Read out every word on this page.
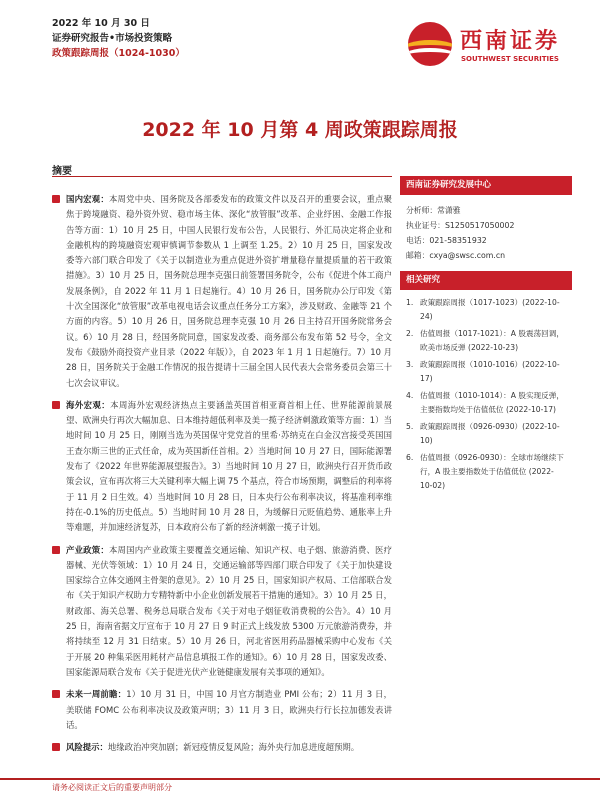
2022 年 10 月 30 日
证券研究报告•市场投资策略
政策跟踪周报（1024-1030）	西南证券
SOUTHWEST SECURITIES
2022 年 10 月第 4 周政策跟踪周报
摘要
国内宏观：本周党中央、国务院及各部委发布的政策文件以及召开的重要会议，重点聚焦于跨境融资、稳外资外贸、稳市场主体、深化“放管服”改革、企业纾困、金融工作报告等方面：1）10 月 25 日，中国人民银行发布公告，人民银行、外汇局决定将企业和金融机构的跨境融资宏观审慎调节参数从 1 上调至 1.25。2）10 月 25 日，国家发改委等六部门联合印发了《关于以制造业为重点促进外资扩增量稳存量提质量的若干政策措施》。3）10 月 25 日，国务院总理李克强日前签署国务院令，公布《促进个体工商户发展条例》，自 2022 年 11 月 1 日起施行。4）10 月 26 日，国务院办公厅印发《第十次全国深化“放管服”改革电视电话会议重点任务分工方案》，涉及财政、金融等 21 个方面的内容。5）10 月 26 日，国务院总理李克强 10 月 26 日主持召开国务院常务会议。6）10 月 28 日，经国务院同意，国家发改委、商务部公布发布第 52 号令，全文发布《鼓励外商投资产业目录（2022 年版）》，自 2023 年 1 月 1 日起施行。7）10 月 28 日，国务院关于金融工作情况的报告提请十三届全国人民代表大会常务委员会第三十七次会议审议。
海外宏观：本周海外宏观经济热点主要涵盖英国首相亚裔首相上任、世界能源前景展望、欧洲央行再次大幅加息、日本维持超低利率及美一揽子经济刺激政策等方面：1）当地时间 10 月 25 日，刚刚当选为英国保守党党首的里希·苏纳克在白金汉宫接受英国国王查尔斯三世的正式任命，成为英国新任首相。2）当地时间 10 月 27 日，国际能源署发布了《2022 年世界能源展望报告》。3）当地时间 10 月 27 日，欧洲央行召开货币政策会议，宣布再次将三大关键利率大幅上调 75 个基点，符合市场预期，调整后的利率将于 11 月 2 日生效。4）当地时间 10 月 28 日，日本央行公布利率决议，将基准利率维持在-0.1%的历史低点。5）当地时间 10 月 28 日，为缓解日元贬值趋势、通胀率上升等难题，并加速经济复苏，日本政府公布了新的经济刺激一揽子计划。
产业政策：本周国内产业政策主要覆盖交通运输、知识产权、电子烟、旅游消费、医疗器械、光伏等领域：1）10 月 24 日，交通运输部等四部门联合印发了《关于加快建设国家综合立体交通网主骨架的意见》。2）10 月 25 日，国家知识产权局、工信部联合发布《关于知识产权助力专精特新中小企业创新发展若干措施的通知》。3）10 月 25 日，财政部、海关总署、税务总局联合发布《关于对电子烟征收消费税的公告》。4）10 月 25 日，海南省据文厅宣布于 10 月 27 日 9 时正式上线发放 5300 万元旅游消费券，并将持续至 12 月 31 日结束。5）10 月 26 日，河北省医用药品器械采购中心发布《关于开展 20 种集采医用耗材产品信息填报工作的通知》。6）10 月 28 日，国家发改委、国家能源局联合发布《关于促进光伏产业链健康发展有关事项的通知》。
未来一周前瞻：1）10 月 31 日，中国 10 月官方制造业 PMI 公布；2）11 月 3 日，美联储 FOMC 公布利率决议及政策声明；3）11 月 3 日，欧洲央行行长拉加德发表讲话。
风险提示：地缘政治冲突加剧；新冠疫情反复风险；海外央行加息进度超预期。
西南证券研究发展中心
分析师：常潇雅
执业证号：S1250517050002
电话：021-58351932
邮箱：cxya@swsc.com.cn
相关研究
1. 政策跟踪周报（1017-1023）(2022-10-24)
2. 估值周报（1017-1021）：A 股震荡回调，欧美市场反弹 (2022-10-23)
3. 政策跟踪周报（1010-1016）(2022-10-17)
4. 估值周报（1010-1014）：A 股实现反弹，主要指数均处于估值低位 (2022-10-17)
5. 政策跟踪周报（0926-0930）(2022-10-10)
6. 估值周报（0926-0930）：全球市场继续下行，A 股主要指数处于估值低位 (2022-10-02)
请务必阅读正文后的重要声明部分
